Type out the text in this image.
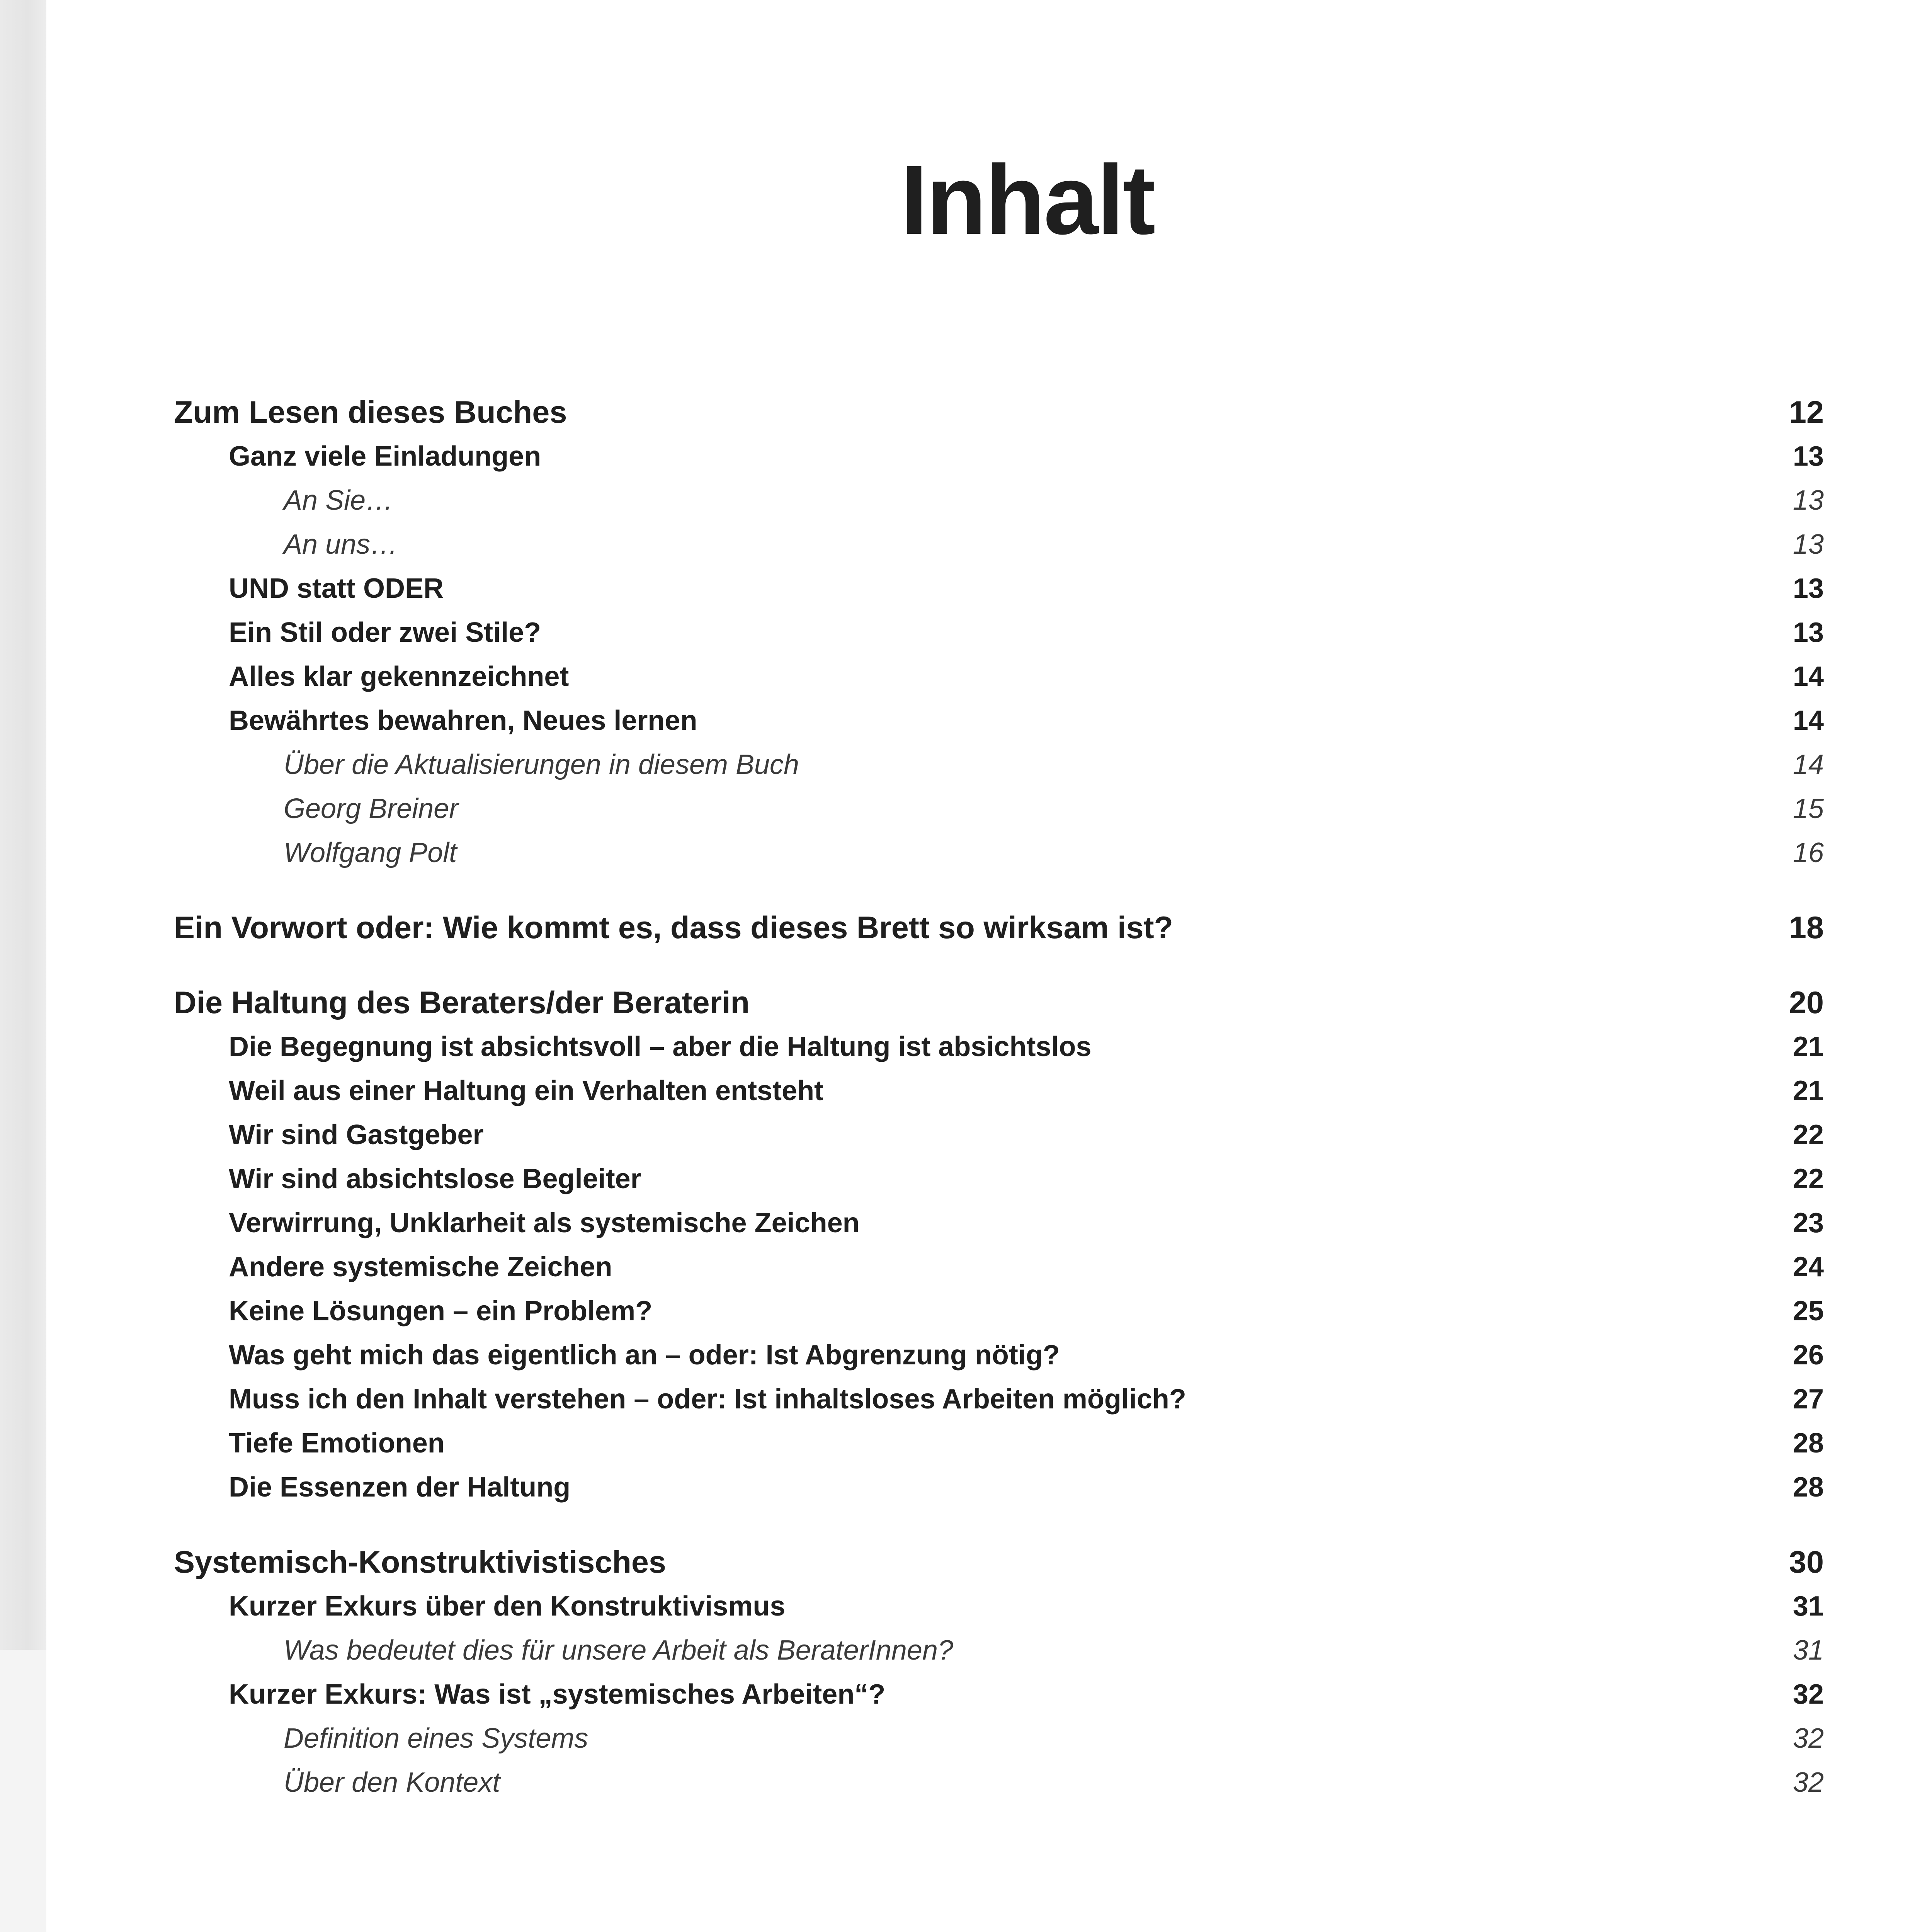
Inhalt
Zum Lesen dieses Buches	12
Ganz viele Einladungen	13
An Sie…	13
An uns…	13
UND statt ODER	13
Ein Stil oder zwei Stile?	13
Alles klar gekennzeichnet	14
Bewährtes bewahren, Neues lernen	14
Über die Aktualisierungen in diesem Buch	14
Georg Breiner	15
Wolfgang Polt	16
Ein Vorwort oder: Wie kommt es, dass dieses Brett so wirksam ist?	18
Die Haltung des Beraters/der Beraterin	20
Die Begegnung ist absichtsvoll – aber die Haltung ist absichtslos	21
Weil aus einer Haltung ein Verhalten entsteht	21
Wir sind Gastgeber	22
Wir sind absichtslose Begleiter	22
Verwirrung, Unklarheit als systemische Zeichen	23
Andere systemische Zeichen	24
Keine Lösungen – ein Problem?	25
Was geht mich das eigentlich an – oder: Ist Abgrenzung nötig?	26
Muss ich den Inhalt verstehen – oder: Ist inhaltsloses Arbeiten möglich?	27
Tiefe Emotionen	28
Die Essenzen der Haltung	28
Systemisch-Konstruktivistisches	30
Kurzer Exkurs über den Konstruktivismus	31
Was bedeutet dies für unsere Arbeit als BeraterInnen?	31
Kurzer Exkurs: Was ist „systemisches Arbeiten“?	32
Definition eines Systems	32
Über den Kontext	32
